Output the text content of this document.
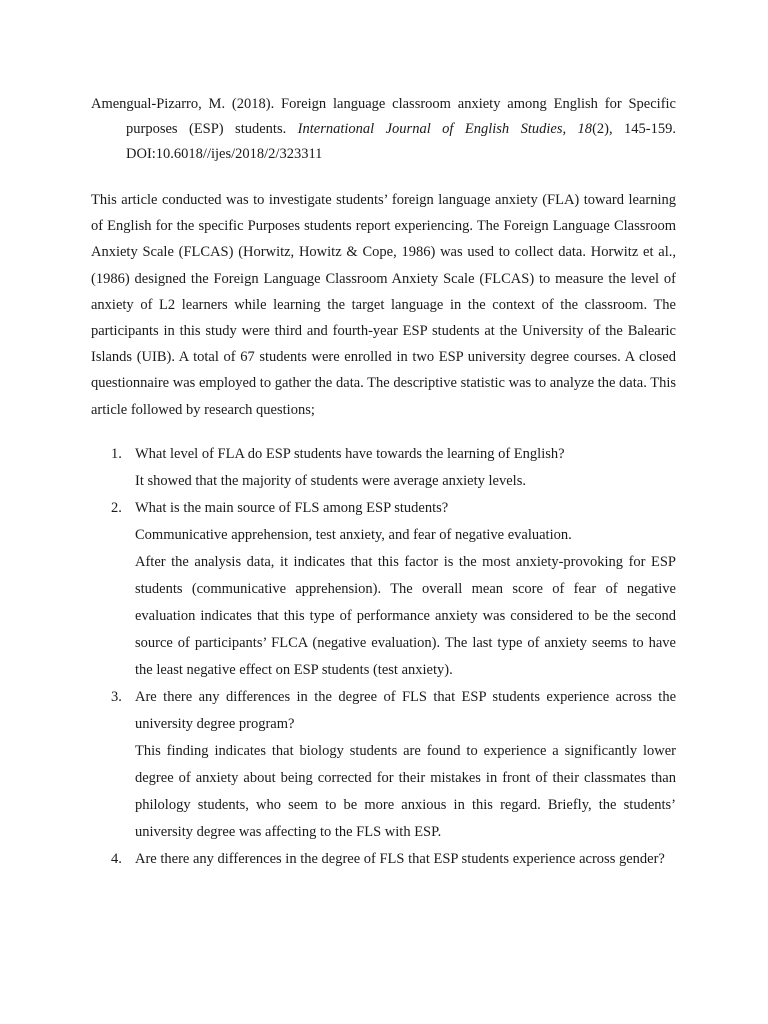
Amengual-Pizarro, M. (2018). Foreign language classroom anxiety among English for Specific
purposes (ESP) students. International Journal of English Studies, 18(2), 145-159.
DOI:10.6018//ijes/2018/2/323311

This article conducted was to investigate students’ foreign language anxiety (FLA) toward learning of English for the specific Purposes students report experiencing. The Foreign Language Classroom Anxiety Scale (FLCAS) (Horwitz, Howitz & Cope, 1986) was used to collect data. Horwitz et al., (1986) designed the Foreign Language Classroom Anxiety Scale (FLCAS) to measure the level of anxiety of L2 learners while learning the target language in the context of the classroom. The participants in this study were third and fourth-year ESP students at the University of the Balearic Islands (UIB). A total of 67 students were enrolled in two ESP university degree courses. A closed questionnaire was employed to gather the data. The descriptive statistic was to analyze the data. This article followed by research questions;

1. What level of FLA do ESP students have towards the learning of English?
It showed that the majority of students were average anxiety levels.
2. What is the main source of FLS among ESP students?
Communicative apprehension, test anxiety, and fear of negative evaluation.
After the analysis data, it indicates that this factor is the most anxiety-provoking for ESP students (communicative apprehension). The overall mean score of fear of negative evaluation indicates that this type of performance anxiety was considered to be the second source of participants’ FLCA (negative evaluation). The last type of anxiety seems to have the least negative effect on ESP students (test anxiety).
3. Are there any differences in the degree of FLS that ESP students experience across the university degree program?
This finding indicates that biology students are found to experience a significantly lower degree of anxiety about being corrected for their mistakes in front of their classmates than philology students, who seem to be more anxious in this regard. Briefly, the students’ university degree was affecting to the FLS with ESP.
4. Are there any differences in the degree of FLS that ESP students experience across gender?
